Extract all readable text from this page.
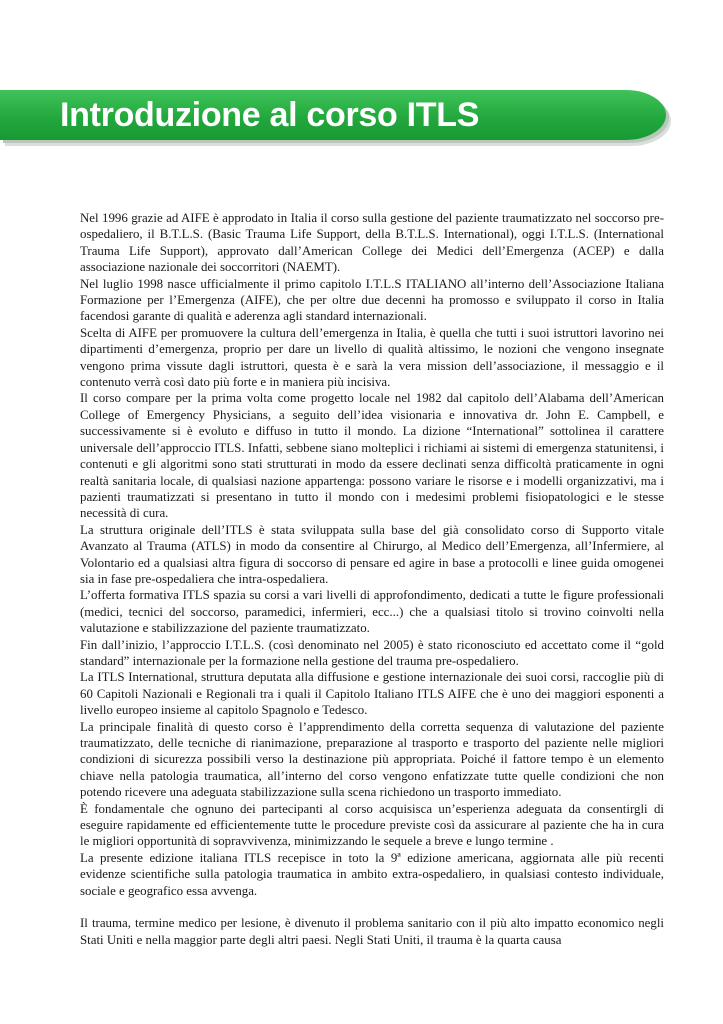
Introduzione al corso ITLS

Nel 1996 grazie ad AIFE è approdato in Italia il corso sulla gestione del paziente traumatizzato nel soccorso pre-ospedaliero, il B.T.L.S. (Basic Trauma Life Support, della B.T.L.S. International), oggi I.T.L.S. (International Trauma Life Support), approvato dall’American College dei Medici dell’Emergenza (ACEP) e dalla associazione nazionale dei soccorritori (NAEMT).

Nel luglio 1998 nasce ufficialmente il primo capitolo I.T.L.S ITALIANO all’interno dell’Associazione Italiana Formazione per l’Emergenza (AIFE), che per oltre due decenni ha promosso e sviluppato il corso in Italia facendosi garante di qualità e aderenza agli standard internazionali.

Scelta di AIFE per promuovere la cultura dell’emergenza in Italia, è quella che tutti i suoi istruttori lavorino nei dipartimenti d’emergenza, proprio per dare un livello di qualità altissimo, le nozioni che vengono insegnate vengono prima vissute dagli istruttori, questa è e sarà la vera mission dell’associazione, il messaggio e il contenuto verrà così dato più forte e in maniera più incisiva.

Il corso compare per la prima volta come progetto locale nel 1982 dal capitolo dell’Alabama dell’American College of Emergency Physicians, a seguito dell’idea visionaria e innovativa dr. John E. Campbell, e successivamente si è evoluto e diffuso in tutto il mondo. La dizione “International” sottolinea il carattere universale dell’approccio ITLS. Infatti, sebbene siano molteplici i richiami ai sistemi di emergenza statunitensi, i contenuti e gli algoritmi sono stati strutturati in modo da essere declinati senza difficoltà praticamente in ogni realtà sanitaria locale, di qualsiasi nazione appartenga: possono variare le risorse e i modelli organizzativi, ma i pazienti traumatizzati si presentano in tutto il mondo con i medesimi problemi fisiopatologici e le stesse necessità di cura.

La struttura originale dell’ITLS è stata sviluppata sulla base del già consolidato corso di Supporto vitale Avanzato al Trauma (ATLS) in modo da consentire al Chirurgo, al Medico dell’Emergenza, all’Infermiere, al Volontario ed a qualsiasi altra figura di soccorso di pensare ed agire in base a protocolli e linee guida omogenei sia in fase pre-ospedaliera che intra-ospedaliera.

L’offerta formativa ITLS spazia su corsi a vari livelli di approfondimento, dedicati a tutte le figure professionali (medici, tecnici del soccorso, paramedici, infermieri, ecc...) che a qualsiasi titolo si trovino coinvolti nella valutazione e stabilizzazione del paziente traumatizzato.

Fin dall’inizio, l’approccio I.T.L.S. (così denominato nel 2005) è stato riconosciuto ed accettato come il “gold standard” internazionale per la formazione nella gestione del trauma pre-ospedaliero.

La ITLS International, struttura deputata alla diffusione e gestione internazionale dei suoi corsi, raccoglie più di 60 Capitoli Nazionali e Regionali tra i quali il Capitolo Italiano ITLS AIFE che è uno dei maggiori esponenti a livello europeo insieme al capitolo Spagnolo e Tedesco.

La principale finalità di questo corso è l’apprendimento della corretta sequenza di valutazione del paziente traumatizzato, delle tecniche di rianimazione, preparazione al trasporto e trasporto del paziente nelle migliori condizioni di sicurezza possibili verso la destinazione più appropriata. Poiché il fattore tempo è un elemento chiave nella patologia traumatica, all’interno del corso vengono enfatizzate tutte quelle condizioni che non potendo ricevere una adeguata stabilizzazione sulla scena richiedono un trasporto immediato.

È fondamentale che ognuno dei partecipanti al corso acquisisca un’esperienza adeguata da consentirgli di eseguire rapidamente ed efficientemente tutte le procedure previste così da assicurare al paziente che ha in cura le migliori opportunità di sopravvivenza, minimizzando le sequele a breve e lungo termine .

La presente edizione italiana ITLS recepisce in toto la 9ª edizione americana, aggiornata alle più recenti evidenze scientifiche sulla patologia traumatica in ambito extra-ospedaliero, in qualsiasi contesto individuale, sociale e geografico essa avvenga.

Il trauma, termine medico per lesione, è divenuto il problema sanitario con il più alto impatto economico negli Stati Uniti e nella maggior parte degli altri paesi. Negli Stati Uniti, il trauma è la quarta causa
